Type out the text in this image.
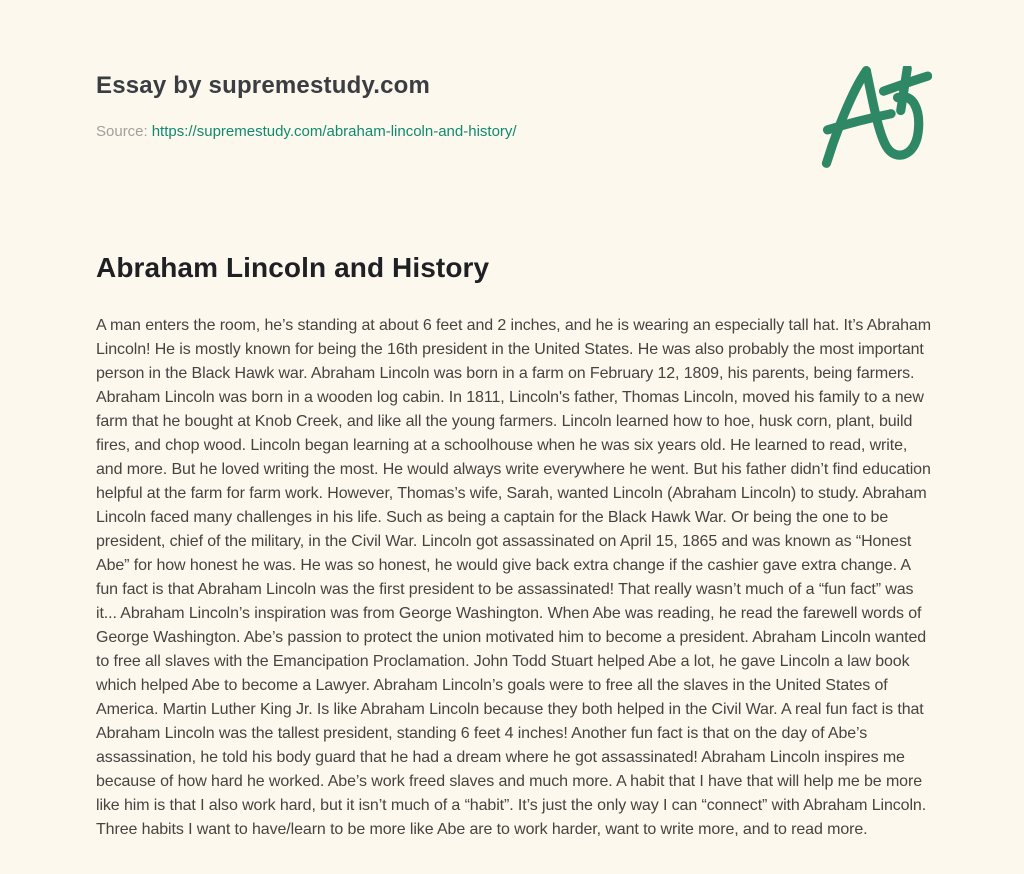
Essay by supremestudy.com
Source: https://supremestudy.com/abraham-lincoln-and-history/
Abraham Lincoln and History
A man enters the room, he’s standing at about 6 feet and 2 inches, and he is wearing an especially tall hat. It’s Abraham Lincoln! He is mostly known for being the 16th president in the United States. He was also probably the most important person in the Black Hawk war. Abraham Lincoln was born in a farm on February 12, 1809, his parents, being farmers. Abraham Lincoln was born in a wooden log cabin. In 1811, Lincoln's father, Thomas Lincoln, moved his family to a new farm that he bought at Knob Creek, and like all the young farmers. Lincoln learned how to hoe, husk corn, plant, build fires, and chop wood. Lincoln began learning at a schoolhouse when he was six years old. He learned to read, write, and more. But he loved writing the most. He would always write everywhere he went. But his father didn’t find education helpful at the farm for farm work. However, Thomas’s wife, Sarah, wanted Lincoln (Abraham Lincoln) to study. Abraham Lincoln faced many challenges in his life. Such as being a captain for the Black Hawk War. Or being the one to be president, chief of the military, in the Civil War. Lincoln got assassinated on April 15, 1865 and was known as “Honest Abe” for how honest he was. He was so honest, he would give back extra change if the cashier gave extra change. A fun fact is that Abraham Lincoln was the first president to be assassinated! That really wasn’t much of a “fun fact” was it... Abraham Lincoln’s inspiration was from George Washington. When Abe was reading, he read the farewell words of George Washington. Abe’s passion to protect the union motivated him to become a president. Abraham Lincoln wanted to free all slaves with the Emancipation Proclamation. John Todd Stuart helped Abe a lot, he gave Lincoln a law book which helped Abe to become a Lawyer. Abraham Lincoln’s goals were to free all the slaves in the United States of America. Martin Luther King Jr. Is like Abraham Lincoln because they both helped in the Civil War. A real fun fact is that Abraham Lincoln was the tallest president, standing 6 feet 4 inches! Another fun fact is that on the day of Abe’s assassination, he told his body guard that he had a dream where he got assassinated! Abraham Lincoln inspires me because of how hard he worked. Abe’s work freed slaves and much more. A habit that I have that will help me be more like him is that I also work hard, but it isn’t much of a “habit”. It’s just the only way I can “connect” with Abraham Lincoln. Three habits I want to have/learn to be more like Abe are to work harder, want to write more, and to read more.
